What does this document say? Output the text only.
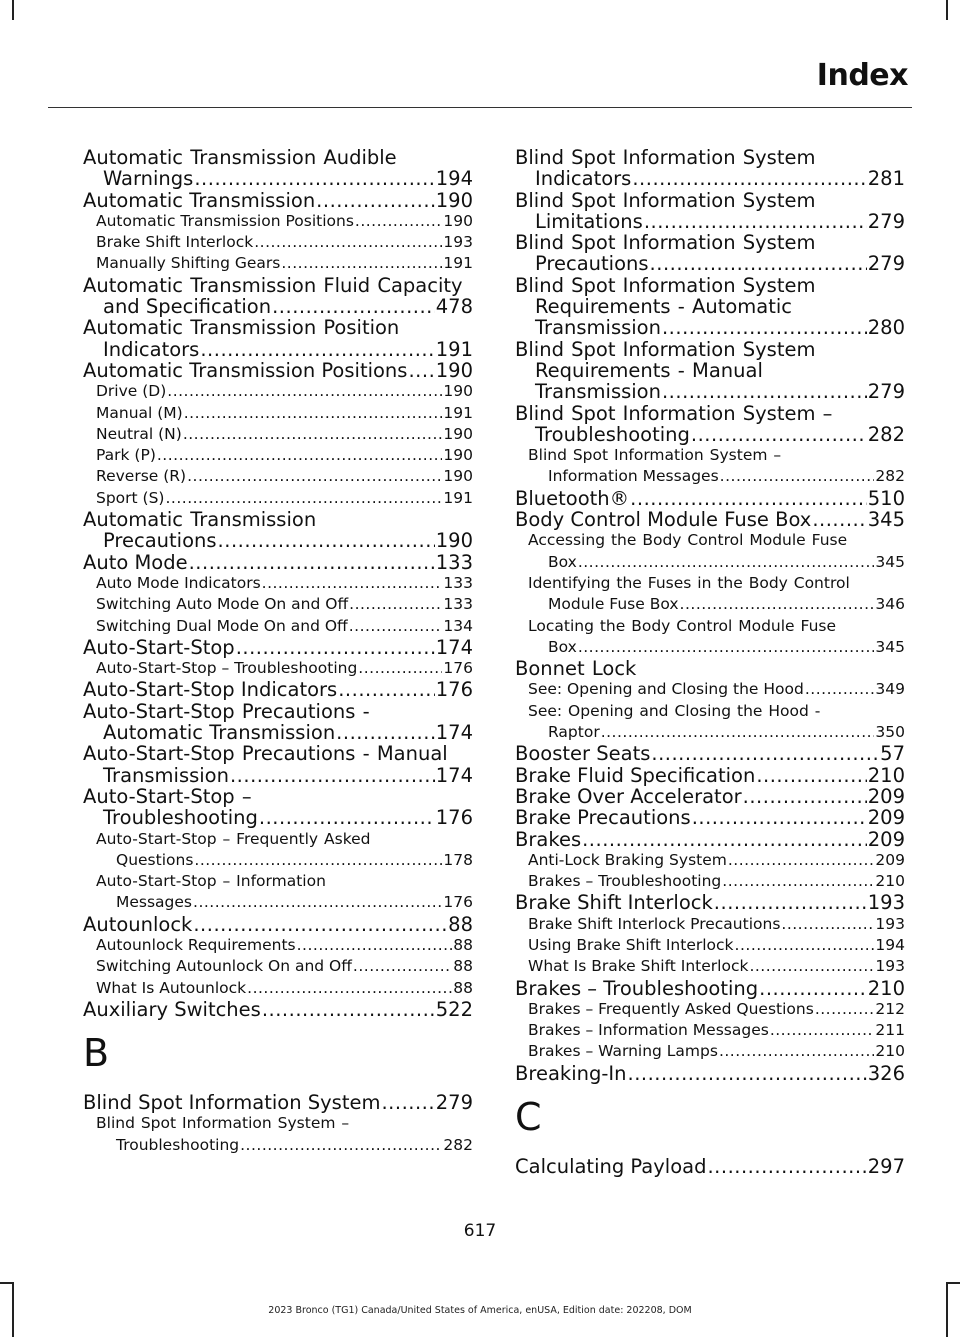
Index
Automatic Transmission Audible
Warnings .....	194
Automatic Transmission .....	190
Automatic Transmission Positions .....	190
Brake Shift Interlock .....	193
Manually Shifting Gears .....	191
Automatic Transmission Fluid Capacity
and Specification .....	478
Automatic Transmission Position
Indicators .....	191
Automatic Transmission Positions ..... 190
Drive (D) .....	190
Manual (M) .....	191
Neutral (N) .....	190
Park (P) .....	190
Reverse (R) .....	190
Sport (S) .....	191
Automatic Transmission
Precautions .....	190
Auto Mode .....	133
Auto Mode Indicators .....	133
Switching Auto Mode On and Off .....	133
Switching Dual Mode On and Off .....	134
Auto-Start-Stop .....	174
Auto-Start-Stop – Troubleshooting .....	176
Auto-Start-Stop Indicators .....	176
Auto-Start-Stop Precautions -
Automatic Transmission .....	174
Auto-Start-Stop Precautions - Manual
Transmission .....	174
Auto-Start-Stop –
Troubleshooting .....	176
Auto-Start-Stop – Frequently Asked
Questions .....	178
Auto-Start-Stop – Information
Messages .....	176
Autounlock .....	88
Autounlock Requirements .....	88
Switching Autounlock On and Off .....	88
What Is Autounlock .....	88
Auxiliary Switches .....	522
B
Blind Spot Information System .....	279
Blind Spot Information System –
Troubleshooting .....	282
Blind Spot Information System
Indicators .....	281
Blind Spot Information System
Limitations .....	279
Blind Spot Information System
Precautions .....	279
Blind Spot Information System
Requirements - Automatic
Transmission .....	280
Blind Spot Information System
Requirements - Manual
Transmission .....	279
Blind Spot Information System –
Troubleshooting .....	282
Blind Spot Information System –
Information Messages .....	282
Bluetooth® .....	510
Body Control Module Fuse Box .....	345
Accessing the Body Control Module Fuse
Box .....	345
Identifying the Fuses in the Body Control
Module Fuse Box .....	346
Locating the Body Control Module Fuse
Box .....	345
Bonnet Lock
See: Opening and Closing the Hood .....	349
See: Opening and Closing the Hood -
Raptor .....	350
Booster Seats .....	57
Brake Fluid Specification .....	210
Brake Over Accelerator .....	209
Brake Precautions .....	209
Brakes .....	209
Anti-Lock Braking System .....	209
Brakes – Troubleshooting .....	210
Brake Shift Interlock .....	193
Brake Shift Interlock Precautions .....	193
Using Brake Shift Interlock .....	194
What Is Brake Shift Interlock .....	193
Brakes – Troubleshooting .....	210
Brakes – Frequently Asked Questions .....	212
Brakes – Information Messages .....	211
Brakes – Warning Lamps .....	210
Breaking-In .....	326
C
Calculating Payload .....	297
617
2023 Bronco (TG1) Canada/United States of America, enUSA, Edition date: 202208, DOM
